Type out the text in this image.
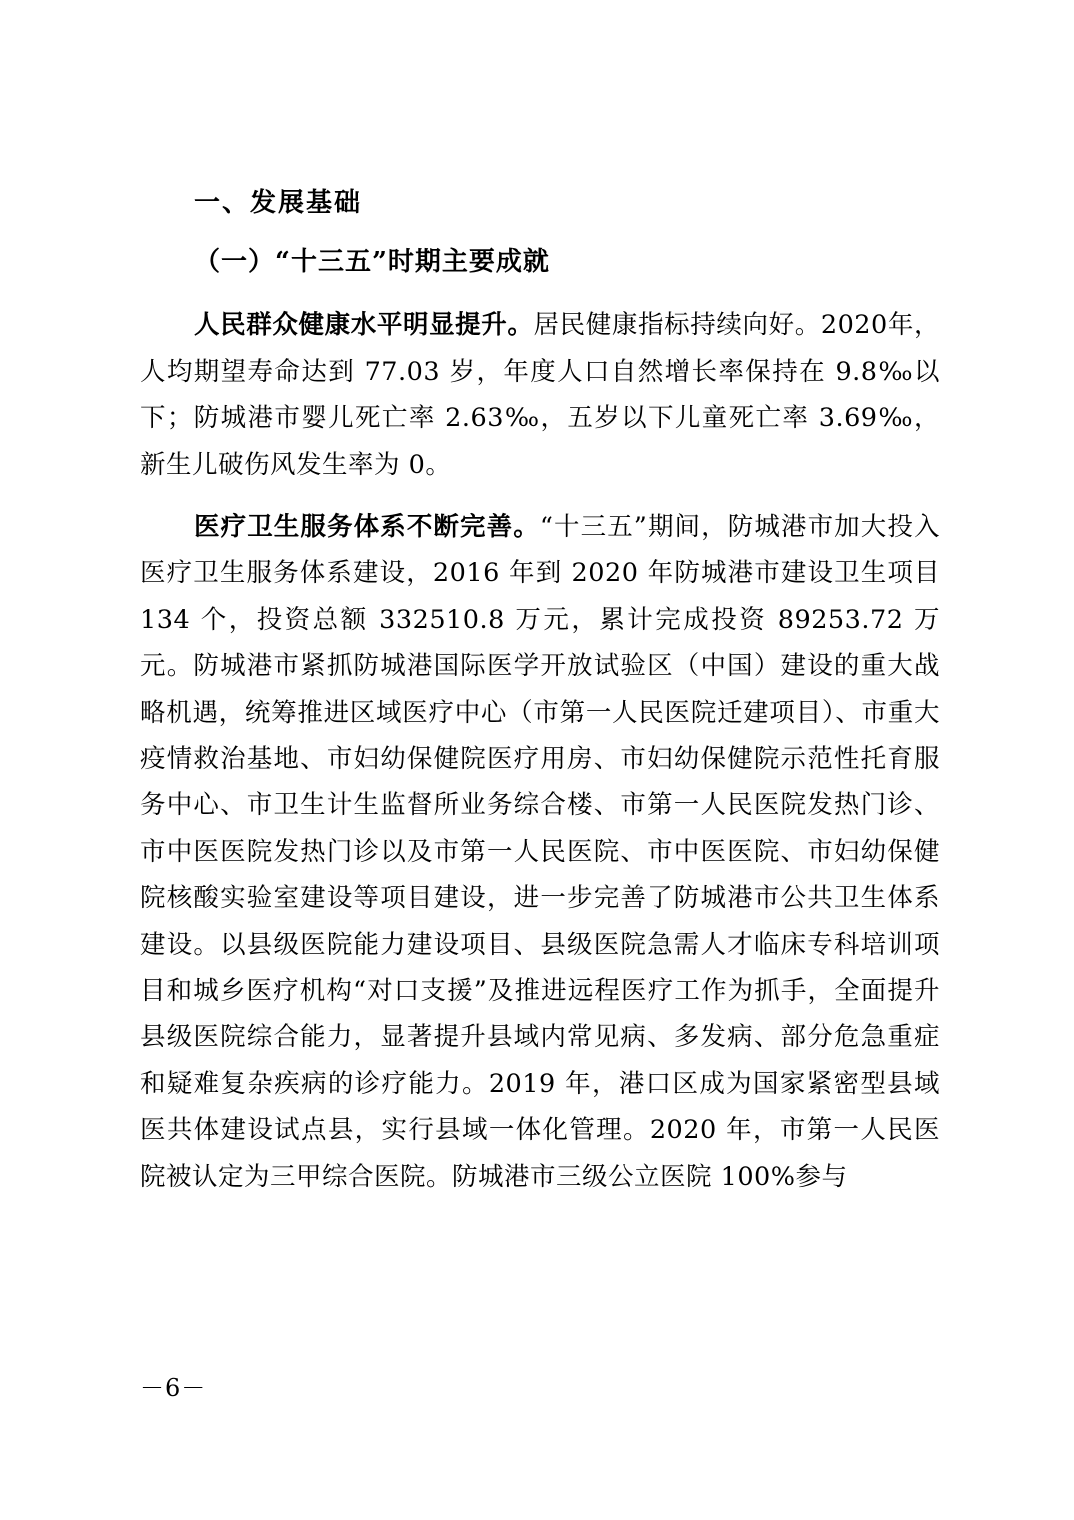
一、发展基础
（一）“十三五”时期主要成就

人民群众健康水平明显提升。居民健康指标持续向好。2020年，人均期望寿命达到 77.03 岁，年度人口自然增长率保持在 9.8‰以下；防城港市婴儿死亡率 2.63‰，五岁以下儿童死亡率 3.69‰，新生儿破伤风发生率为 0。

医疗卫生服务体系不断完善。“十三五”期间，防城港市加大投入医疗卫生服务体系建设，2016 年到 2020 年防城港市建设卫生项目 134 个，投资总额 332510.8 万元，累计完成投资 89253.72 万元。防城港市紧抓防城港国际医学开放试验区（中国）建设的重大战略机遇，统筹推进区域医疗中心（市第一人民医院迁建项目）、市重大疫情救治基地、市妇幼保健院医疗用房、市妇幼保健院示范性托育服务中心、市卫生计生监督所业务综合楼、市第一人民医院发热门诊、市中医医院发热门诊以及市第一人民医院、市中医医院、市妇幼保健院核酸实验室建设等项目建设，进一步完善了防城港市公共卫生体系建设。以县级医院能力建设项目、县级医院急需人才临床专科培训项目和城乡医疗机构“对口支援”及推进远程医疗工作为抓手，全面提升县级医院综合能力，显著提升县域内常见病、多发病、部分危急重症和疑难复杂疾病的诊疗能力。2019 年，港口区成为国家紧密型县域医共体建设试点县，实行县域一体化管理。2020 年，市第一人民医院被认定为三甲综合医院。防城港市三级公立医院 100%参与

－6－
